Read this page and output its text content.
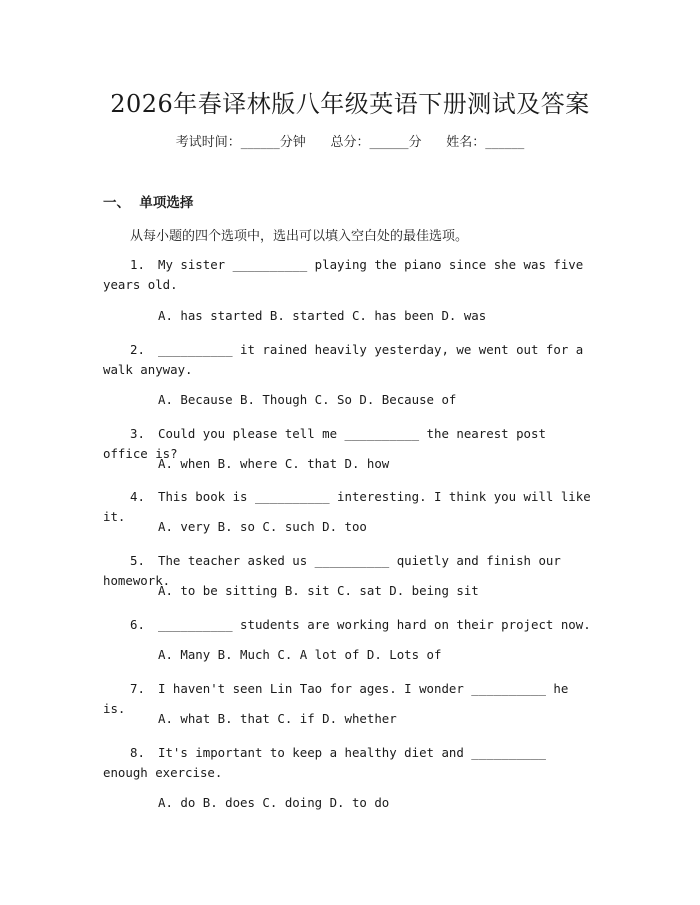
2026年春译林版八年级英语下册测试及答案
考试时间：______分钟      总分：______分      姓名：______
一、  单项选择
从每小题的四个选项中，选出可以填入空白处的最佳选项。

1. My sister __________ playing the piano since she was five years old.

A. has started B. started C. has been D. was

2. __________ it rained heavily yesterday, we went out for a walk anyway.

A. Because B. Though C. So D. Because of

3. Could you please tell me __________ the nearest post office is?

A. when B. where C. that D. how

4. This book is __________ interesting. I think you will like it.

A. very B. so C. such D. too

5. The teacher asked us __________ quietly and finish our homework.

A. to be sitting B. sit C. sat D. being sit

6. __________ students are working hard on their project now.

A. Many B. Much C. A lot of D. Lots of

7. I haven't seen Lin Tao for ages. I wonder __________ he is.

A. what B. that C. if D. whether

8. It's important to keep a healthy diet and __________ enough exercise.

A. do B. does C. doing D. to do
